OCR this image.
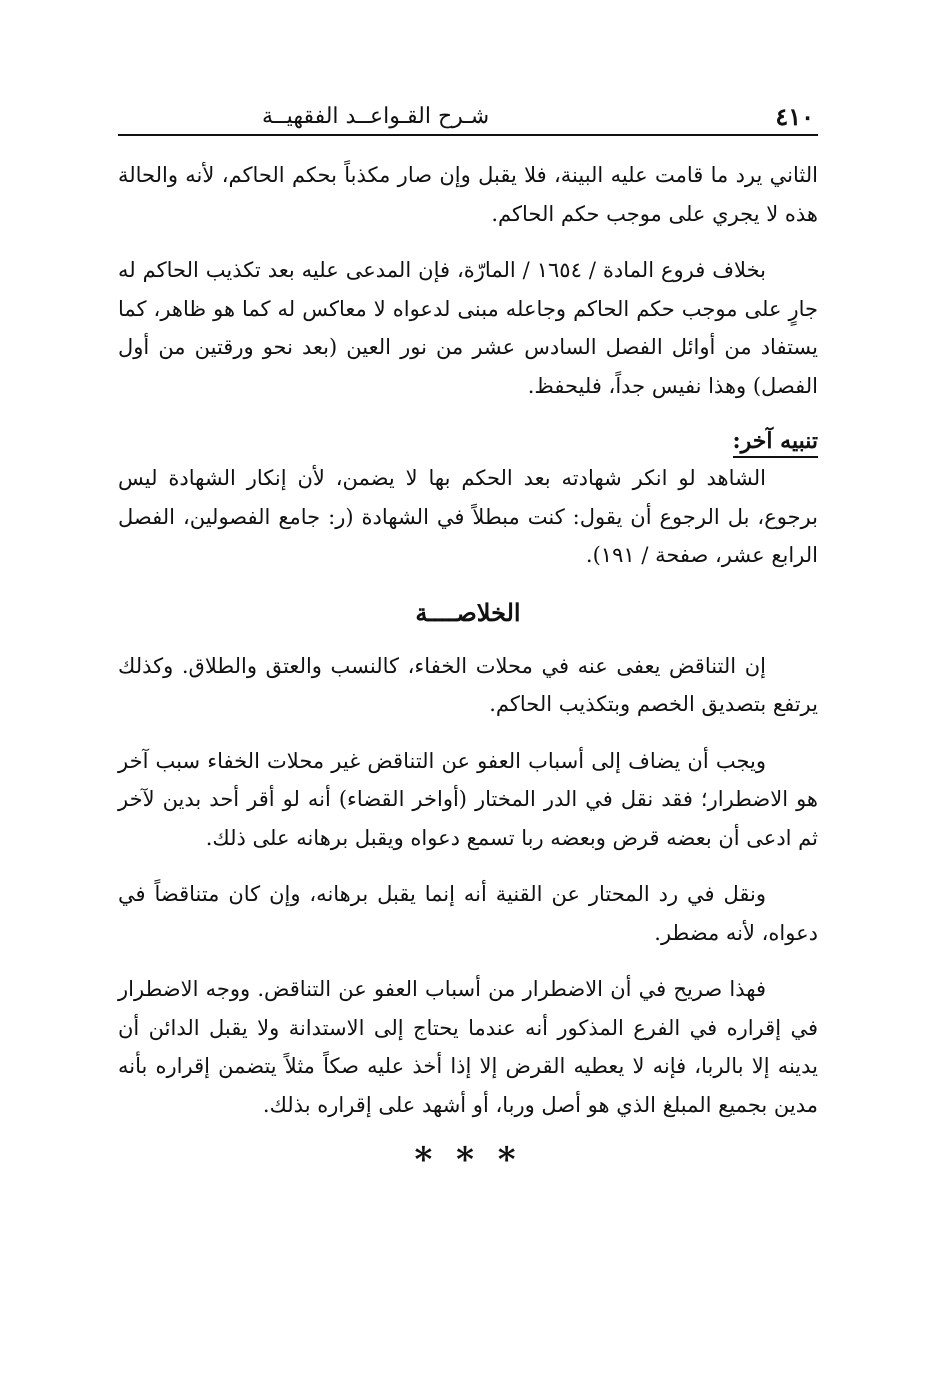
٤١٠
شـرح القـواعــد الفقهيــة

الثاني يرد ما قامت عليه البينة، فلا يقبل وإن صار مكذباً بحكم الحاكم، لأنه والحالة هذه لا يجري على موجب حكم الحاكم.

بخلاف فروع المادة / ١٦٥٤ / المارّة، فإن المدعى عليه بعد تكذيب الحاكم له جارٍ على موجب حكم الحاكم وجاعله مبنى لدعواه لا معاكس له كما هو ظاهر، كما يستفاد من أوائل الفصل السادس عشر من نور العين (بعد نحو ورقتين من أول الفصل) وهذا نفيس جداً، فليحفظ.

تنبيه آخر:

الشاهد لو انكر شهادته بعد الحكم بها لا يضمن، لأن إنكار الشهادة ليس برجوع، بل الرجوع أن يقول: كنت مبطلاً في الشهادة (ر: جامع الفصولين، الفصل الرابع عشر، صفحة / ١٩١).

الخلاصــــة

إن التناقض يعفى عنه في محلات الخفاء، كالنسب والعتق والطلاق. وكذلك يرتفع بتصديق الخصم وبتكذيب الحاكم.

ويجب أن يضاف إلى أسباب العفو عن التناقض غير محلات الخفاء سبب آخر هو الاضطرار؛ فقد نقل في الدر المختار (أواخر القضاء) أنه لو أقر أحد بدين لآخر ثم ادعى أن بعضه قرض وبعضه ربا تسمع دعواه ويقبل برهانه على ذلك.

ونقل في رد المحتار عن القنية أنه إنما يقبل برهانه، وإن كان متناقضاً في دعواه، لأنه مضطر.

فهذا صريح في أن الاضطرار من أسباب العفو عن التناقض. ووجه الاضطرار في إقراره في الفرع المذكور أنه عندما يحتاج إلى الاستدانة ولا يقبل الدائن أن يدينه إلا بالربا، فإنه لا يعطيه القرض إلا إذا أخذ عليه صكاً مثلاً يتضمن إقراره بأنه مدين بجميع المبلغ الذي هو أصل وربا، أو أشهد على إقراره بذلك.

* * *
